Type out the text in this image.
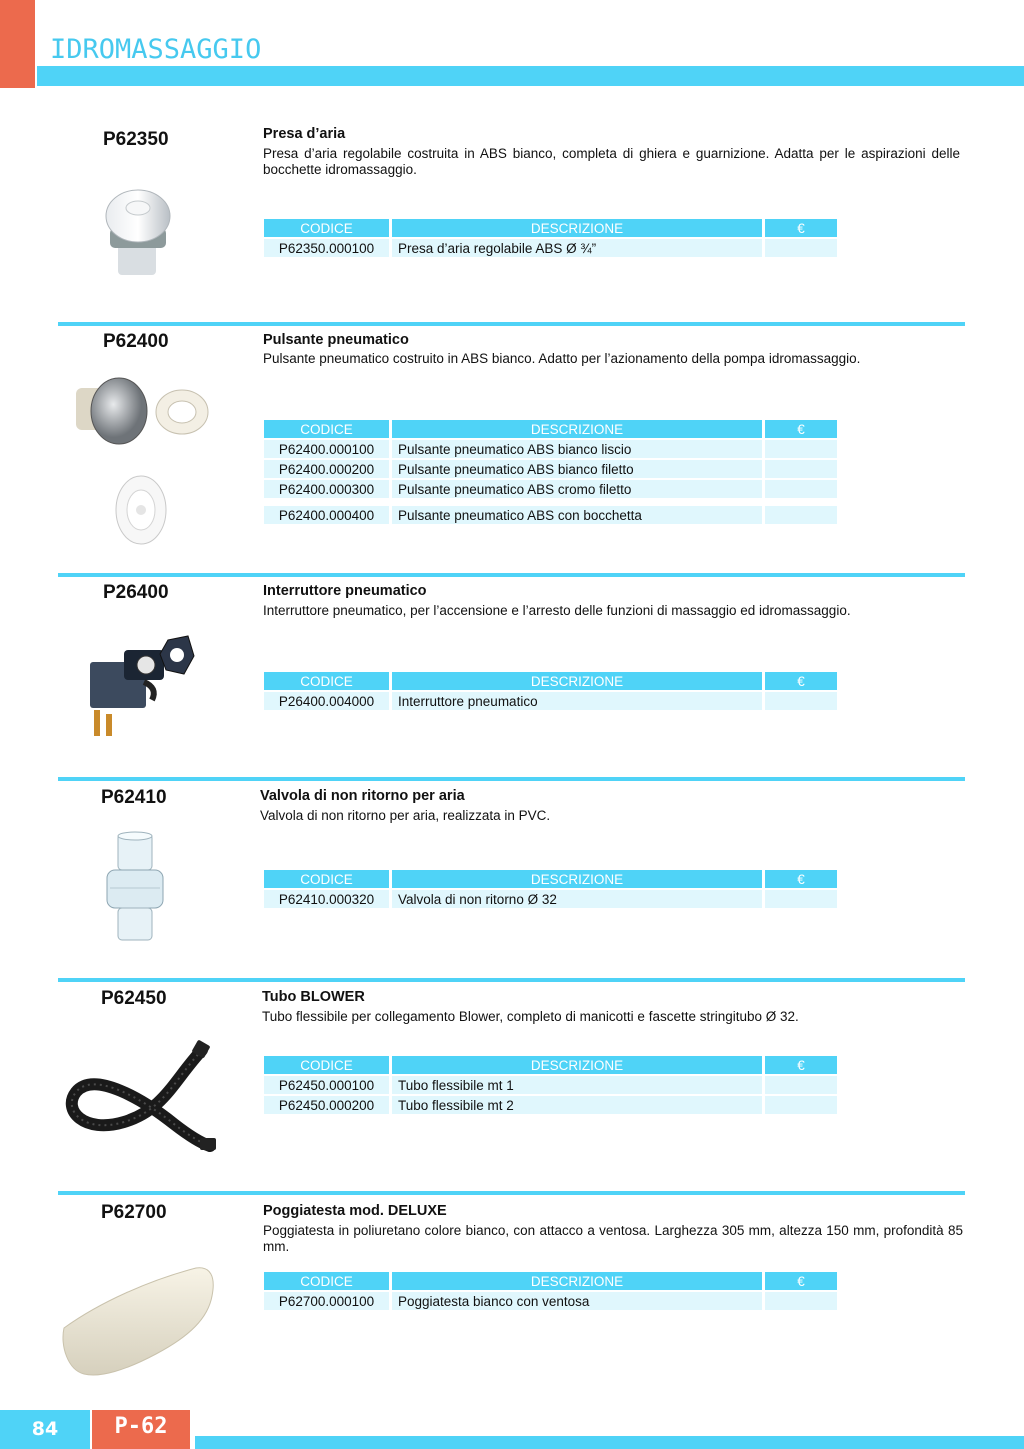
IDROMASSAGGIO
P62350	Presa d’aria
Presa d’aria regolabile costruita in ABS bianco, completa di ghiera e guarnizione. Adatta per le aspirazioni delle bocchette idromassaggio.
CODICE		DESCRIZIONE		€
P62350.000100		Presa d’aria regolabile ABS Ø ¾”		
P62400	Pulsante pneumatico
Pulsante pneumatico costruito in ABS bianco. Adatto per l’azionamento della pompa idromassaggio.
CODICE		DESCRIZIONE		€
P62400.000100		Pulsante pneumatico ABS bianco liscio		
P62400.000200		Pulsante pneumatico ABS bianco filetto		
P62400.000300		Pulsante pneumatico ABS cromo filetto		
P62400.000400		Pulsante pneumatico ABS con bocchetta		
P26400	Interruttore pneumatico
Interruttore pneumatico, per l’accensione e l’arresto delle funzioni di massaggio ed idromassaggio.
CODICE		DESCRIZIONE		€
P26400.004000		Interruttore pneumatico		
P62410	Valvola di non ritorno per aria
Valvola di non ritorno per aria, realizzata in PVC.
CODICE		DESCRIZIONE		€
P62410.000320		Valvola di non ritorno Ø 32		
P62450	Tubo BLOWER
Tubo flessibile per collegamento Blower, completo di manicotti e fascette stringitubo Ø 32.
CODICE		DESCRIZIONE		€
P62450.000100		Tubo flessibile mt 1		
P62450.000200		Tubo flessibile mt 2		
P62700	Poggiatesta mod. DELUXE
Poggiatesta in poliuretano colore bianco, con attacco a ventosa. Larghezza 305 mm, altezza 150 mm, profondità 85 mm.
CODICE		DESCRIZIONE		€
P62700.000100		Poggiatesta bianco con ventosa		
84	P-62
